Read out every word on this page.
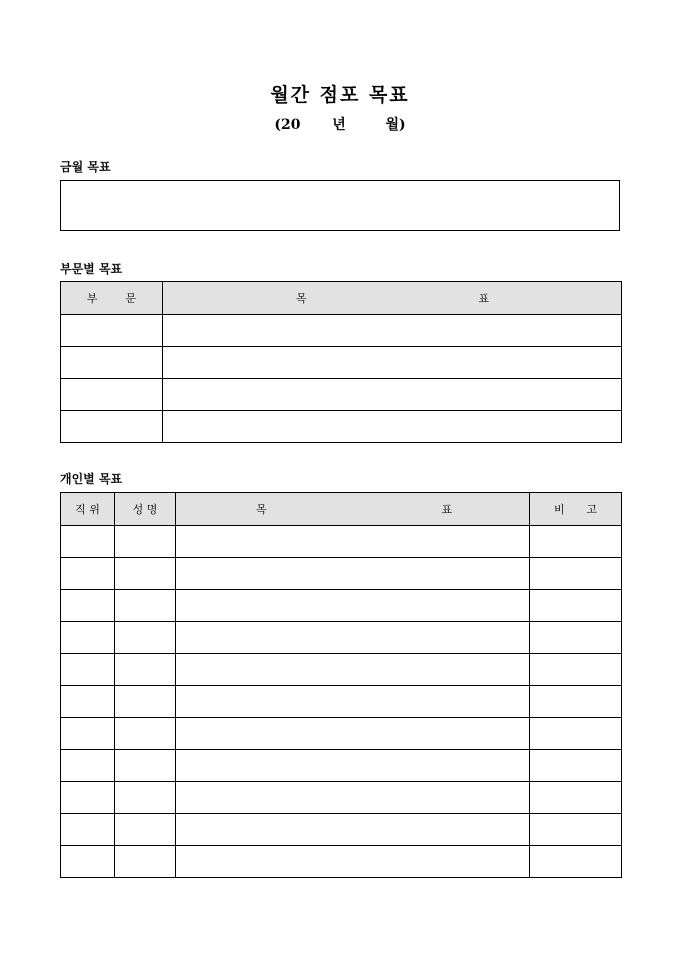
월간 점포 목표
(20 년	월)
금월 목표
부문별 목표
부 문	목 표

개인별 목표
직 위	성 명	목 표	비 고
